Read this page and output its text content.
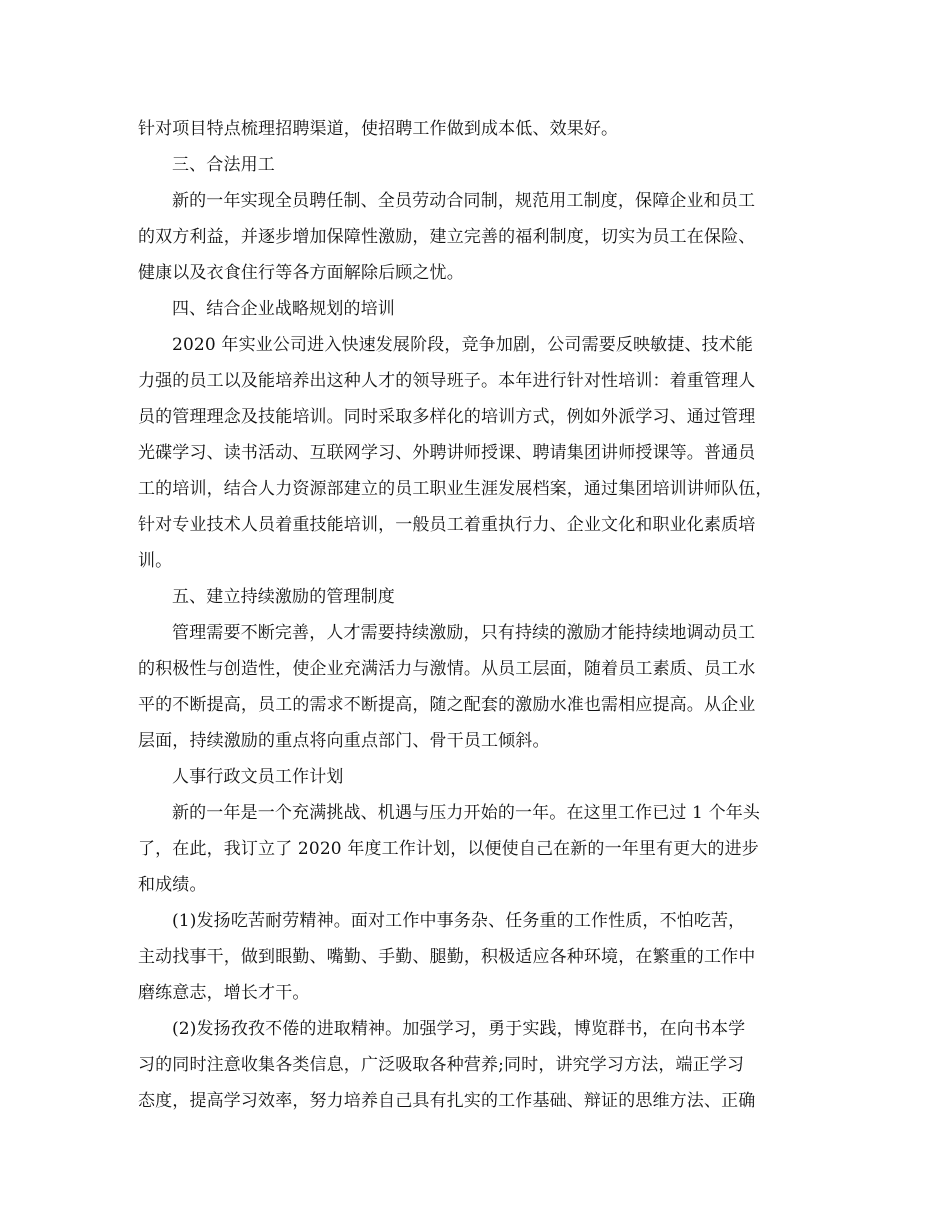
针对项目特点梳理招聘渠道，使招聘工作做到成本低、效果好。
三、合法用工
新的一年实现全员聘任制、全员劳动合同制，规范用工制度，保障企业和员工
的双方利益，并逐步增加保障性激励，建立完善的福利制度，切实为员工在保险、
健康以及衣食住行等各方面解除后顾之忧。
四、结合企业战略规划的培训
2020 年实业公司进入快速发展阶段，竞争加剧，公司需要反映敏捷、技术能
力强的员工以及能培养出这种人才的领导班子。本年进行针对性培训：着重管理人
员的管理理念及技能培训。同时采取多样化的培训方式，例如外派学习、通过管理
光碟学习、读书活动、互联网学习、外聘讲师授课、聘请集团讲师授课等。普通员
工的培训，结合人力资源部建立的员工职业生涯发展档案，通过集团培训讲师队伍，
针对专业技术人员着重技能培训，一般员工着重执行力、企业文化和职业化素质培
训。
五、建立持续激励的管理制度
管理需要不断完善，人才需要持续激励，只有持续的激励才能持续地调动员工
的积极性与创造性，使企业充满活力与激情。从员工层面，随着员工素质、员工水
平的不断提高，员工的需求不断提高，随之配套的激励水准也需相应提高。从企业
层面，持续激励的重点将向重点部门、骨干员工倾斜。
人事行政文员工作计划
新的一年是一个充满挑战、机遇与压力开始的一年。在这里工作已过 1 个年头
了，在此，我订立了 2020 年度工作计划，以便使自己在新的一年里有更大的进步
和成绩。
(1)发扬吃苦耐劳精神。面对工作中事务杂、任务重的工作性质，不怕吃苦，
主动找事干，做到眼勤、嘴勤、手勤、腿勤，积极适应各种环境，在繁重的工作中
磨练意志，增长才干。
(2)发扬孜孜不倦的进取精神。加强学习，勇于实践，博览群书，在向书本学
习的同时注意收集各类信息，广泛吸取各种营养;同时，讲究学习方法，端正学习
态度，提高学习效率，努力培养自己具有扎实的工作基础、辩证的思维方法、正确
